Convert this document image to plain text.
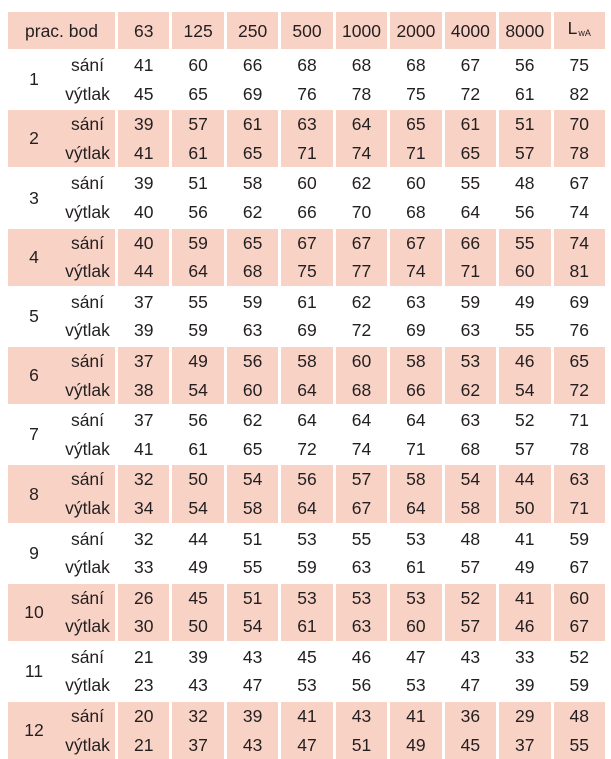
prac. bod		63	125	250	500	1000	2000	4000	8000	$L_{wA}$
1	sání	41	60	66	68	68	68	67	56	75
	výtlak	45	65	69	76	78	75	72	61	82
2	sání	39	57	61	63	64	65	61	51	70
	výtlak	41	61	65	71	74	71	65	57	78
3	sání	39	51	58	60	62	60	55	48	67
	výtlak	40	56	62	66	70	68	64	56	74
4	sání	40	59	65	67	67	67	66	55	74
	výtlak	44	64	68	75	77	74	71	60	81
5	sání	37	55	59	61	62	63	59	49	69
	výtlak	39	59	63	69	72	69	63	55	76
6	sání	37	49	56	58	60	58	53	46	65
	výtlak	38	54	60	64	68	66	62	54	72
7	sání	37	56	62	64	64	64	63	52	71
	výtlak	41	61	65	72	74	71	68	57	78
8	sání	32	50	54	56	57	58	54	44	63
	výtlak	34	54	58	64	67	64	58	50	71
9	sání	32	44	51	53	55	53	48	41	59
	výtlak	33	49	55	59	63	61	57	49	67
10	sání	26	45	51	53	53	53	52	41	60
	výtlak	30	50	54	61	63	60	57	46	67
11	sání	21	39	43	45	46	47	43	33	52
	výtlak	23	43	47	53	56	53	47	39	59
12	sání	20	32	39	41	43	41	36	29	48
	výtlak	21	37	43	47	51	49	45	37	55
